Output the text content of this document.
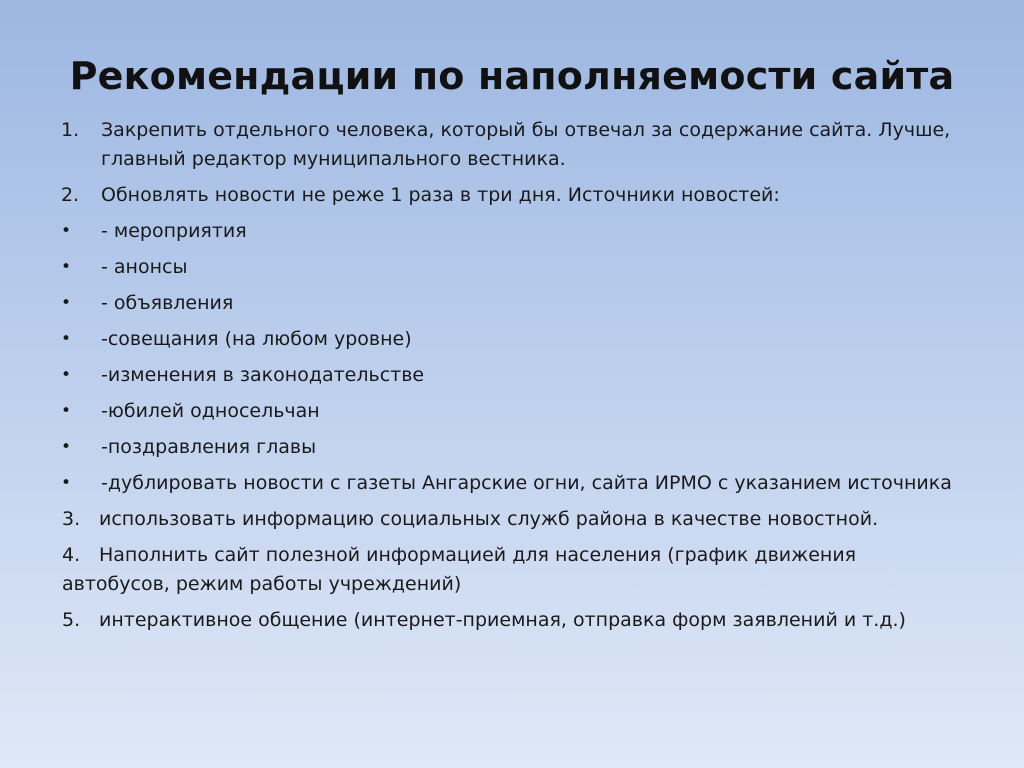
Рекомендации по наполняемости сайта
1. Закрепить отдельного человека, который бы отвечал за содержание сайта. Лучше, главный редактор муниципального вестника.
2. Обновлять новости не реже 1 раза в три дня. Источники новостей:
• - мероприятия
• - анонсы
• - объявления
• -совещания (на любом уровне)
• -изменения в законодательстве
• -юбилей односельчан
• -поздравления главы
• -дублировать новости с газеты Ангарские огни, сайта ИРМО с указанием источника
3. использовать информацию социальных служб района в качестве новостной.
4. Наполнить сайт полезной информацией для населения (график движения автобусов, режим работы учреждений)
5. интерактивное общение (интернет-приемная, отправка форм заявлений и т.д.)
